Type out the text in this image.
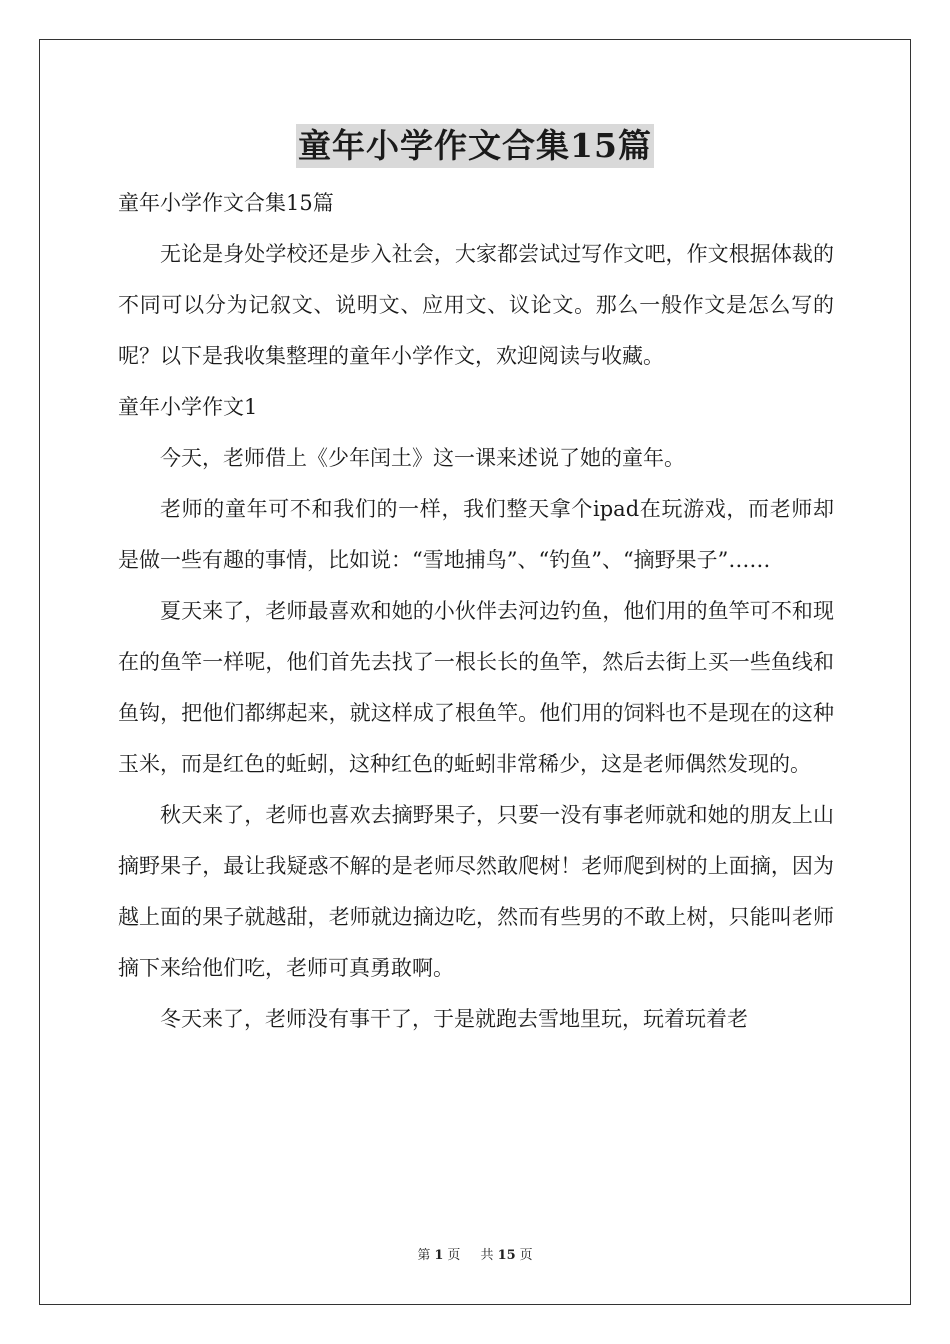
童年小学作文合集15篇

童年小学作文合集15篇

无论是身处学校还是步入社会，大家都尝试过写作文吧，作文根据体裁的不同可以分为记叙文、说明文、应用文、议论文。那么一般作文是怎么写的呢？以下是我收集整理的童年小学作文，欢迎阅读与收藏。

童年小学作文1

今天，老师借上《少年闰土》这一课来述说了她的童年。

老师的童年可不和我们的一样，我们整天拿个ipad在玩游戏，而老师却是做一些有趣的事情，比如说：“雪地捕鸟”、“钓鱼”、“摘野果子”……

夏天来了，老师最喜欢和她的小伙伴去河边钓鱼，他们用的鱼竿可不和现在的鱼竿一样呢，他们首先去找了一根长长的鱼竿，然后去街上买一些鱼线和鱼钩，把他们都绑起来，就这样成了根鱼竿。他们用的饲料也不是现在的这种玉米，而是红色的蚯蚓，这种红色的蚯蚓非常稀少，这是老师偶然发现的。

秋天来了，老师也喜欢去摘野果子，只要一没有事老师就和她的朋友上山摘野果子，最让我疑惑不解的是老师尽然敢爬树！老师爬到树的上面摘，因为越上面的果子就越甜，老师就边摘边吃，然而有些男的不敢上树，只能叫老师摘下来给他们吃，老师可真勇敢啊。

冬天来了，老师没有事干了，于是就跑去雪地里玩，玩着玩着老

第 1 页 共 15 页
